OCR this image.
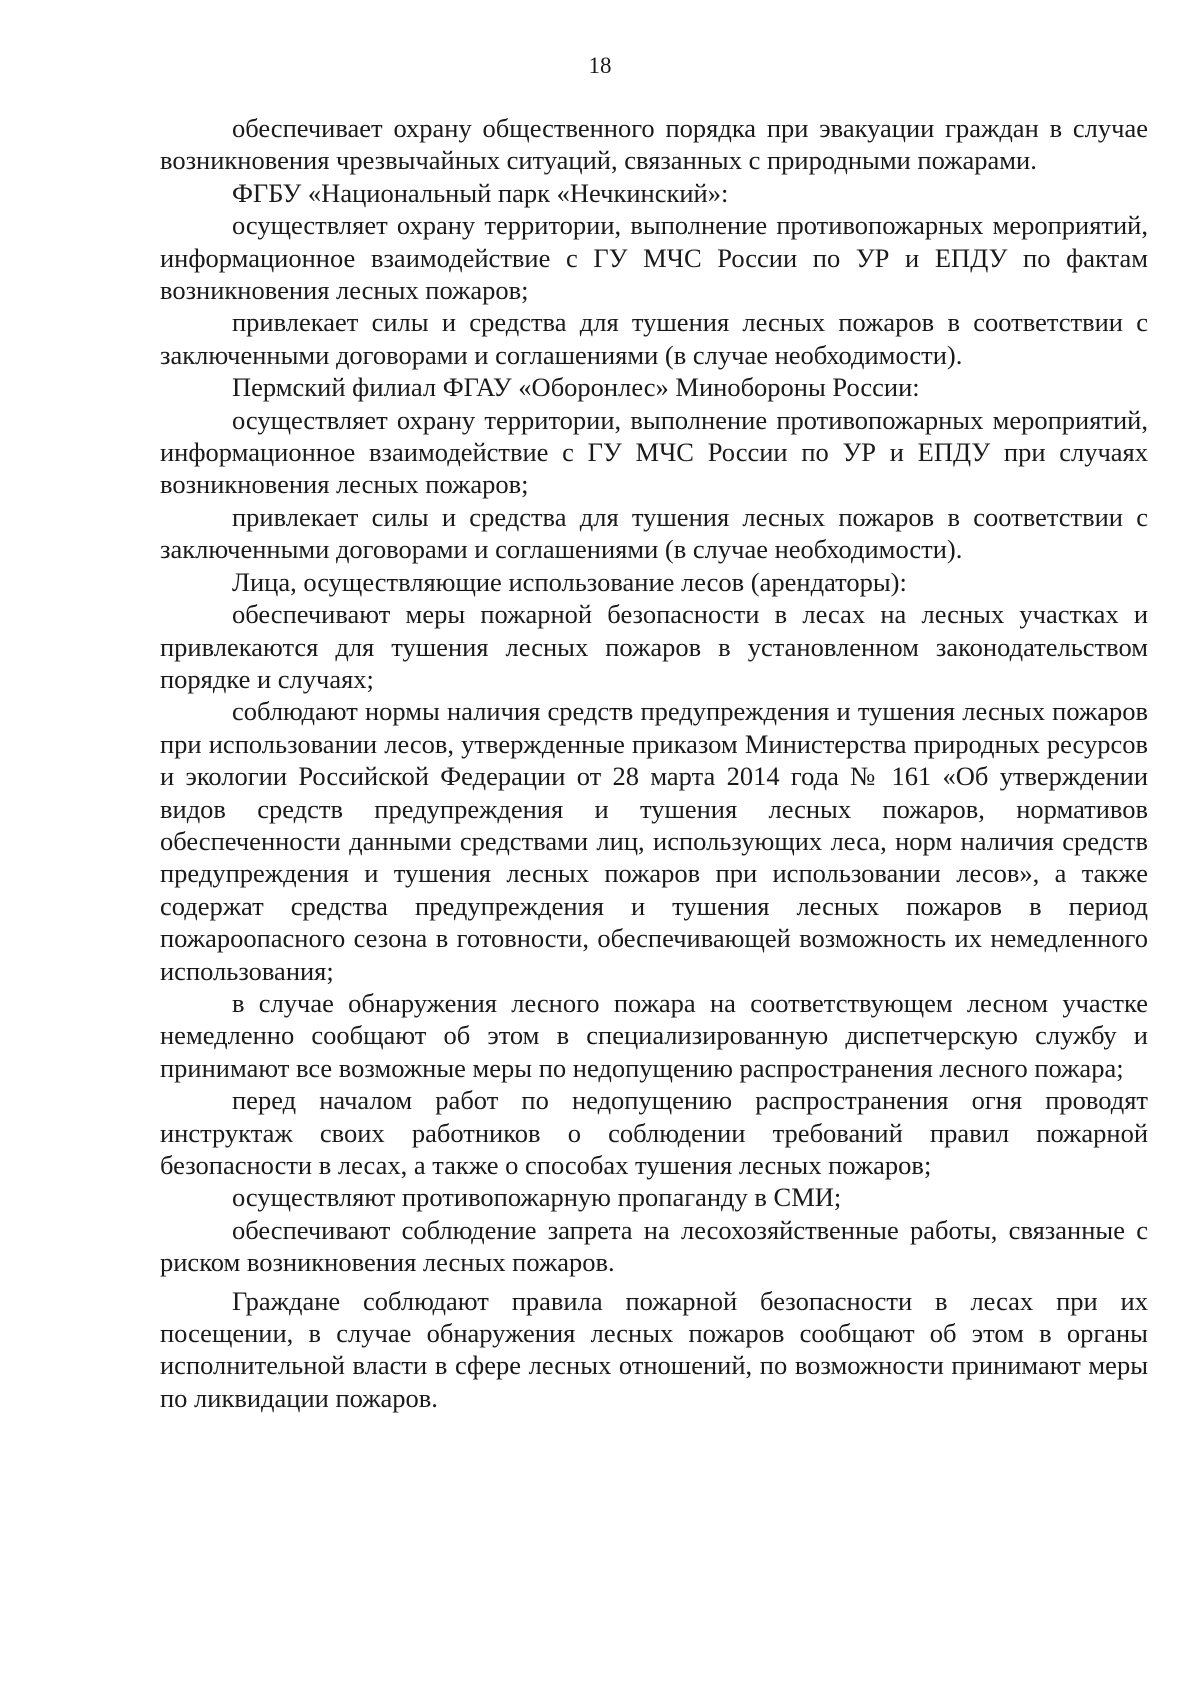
18

обеспечивает охрану общественного порядка при эвакуации граждан в случае возникновения чрезвычайных ситуаций, связанных с природными пожарами.

ФГБУ «Национальный парк «Нечкинский»:

осуществляет охрану территории, выполнение противопожарных мероприятий, информационное взаимодействие с ГУ МЧС России по УР и ЕПДУ по фактам возникновения лесных пожаров;

привлекает силы и средства для тушения лесных пожаров в соответствии с заключенными договорами и соглашениями (в случае необходимости).

Пермский филиал ФГАУ «Оборонлес» Минобороны России:

осуществляет охрану территории, выполнение противопожарных мероприятий, информационное взаимодействие с ГУ МЧС России по УР и ЕПДУ при случаях возникновения лесных пожаров;

привлекает силы и средства для тушения лесных пожаров в соответствии с заключенными договорами и соглашениями (в случае необходимости).

Лица, осуществляющие использование лесов (арендаторы):

обеспечивают меры пожарной безопасности в лесах на лесных участках и привлекаются для тушения лесных пожаров в установленном законодательством порядке и случаях;

соблюдают нормы наличия средств предупреждения и тушения лесных пожаров при использовании лесов, утвержденные приказом Министерства природных ресурсов и экологии Российской Федерации от 28 марта 2014 года № 161 «Об утверждении видов средств предупреждения и тушения лесных пожаров, нормативов обеспеченности данными средствами лиц, использующих леса, норм наличия средств предупреждения и тушения лесных пожаров при использовании лесов», а также содержат средства предупреждения и тушения лесных пожаров в период пожароопасного сезона в готовности, обеспечивающей возможность их немедленного использования;

в случае обнаружения лесного пожара на соответствующем лесном участке немедленно сообщают об этом в специализированную диспетчерскую службу и принимают все возможные меры по недопущению распространения лесного пожара;

перед началом работ по недопущению распространения огня проводят инструктаж своих работников о соблюдении требований правил пожарной безопасности в лесах, а также о способах тушения лесных пожаров;

осуществляют противопожарную пропаганду в СМИ;

обеспечивают соблюдение запрета на лесохозяйственные работы, связанные с риском возникновения лесных пожаров.

Граждане соблюдают правила пожарной безопасности в лесах при их посещении, в случае обнаружения лесных пожаров сообщают об этом в органы исполнительной власти в сфере лесных отношений, по возможности принимают меры по ликвидации пожаров.
